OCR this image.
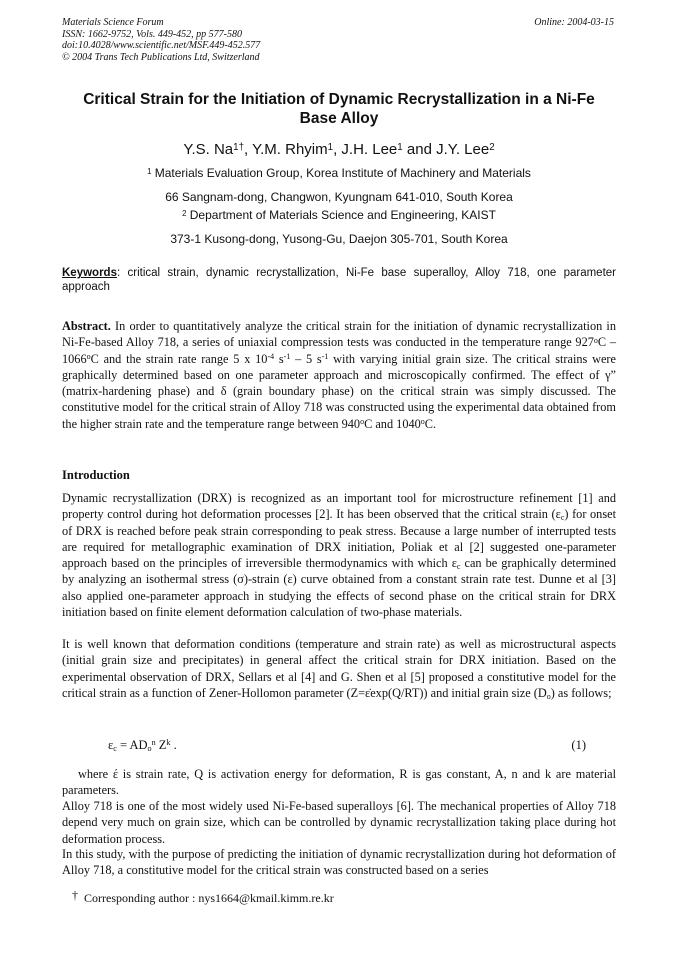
Materials Science Forum
ISSN: 1662-9752, Vols. 449-452, pp 577-580
doi:10.4028/www.scientific.net/MSF.449-452.577
© 2004 Trans Tech Publications Ltd, Switzerland
Online: 2004-03-15
Critical Strain for the Initiation of Dynamic Recrystallization in a Ni-Fe
Base Alloy
Y.S. $Na^{1\dagger}$, Y.M. Rhyim$^1$, J.H. Lee$^1$ and J.Y. Lee$^2$
$^1$ Materials Evaluation Group, Korea Institute of Machinery and Materials
66 Sangnam-dong, Changwon, Kyungnam 641-010, South Korea
$^2$ Department of Materials Science and Engineering, KAIST
373-1 Kusong-dong, Yusong-Gu, Daejon 305-701, South Korea
Keywords: critical strain, dynamic recrystallization, Ni-Fe base superalloy, Alloy 718, one parameter approach
Abstract. In order to quantitatively analyze the critical strain for the initiation of dynamic recrystallization in Ni-Fe-based Alloy 718, a series of uniaxial compression tests was conducted in the temperature range 927$^o$C – 1066$^o$C and the strain rate range 5 x $10^{-4}$ $s^{-1} - 5$ $s^{-1}$ with varying initial grain size. The critical strains were graphically determined based on one parameter approach and microscopically confirmed. The effect of γ” (matrix-hardening phase) and δ (grain boundary phase) on the critical strain was simply discussed. The constitutive model for the critical strain of Alloy 718 was constructed using the experimental data obtained from the higher strain rate and the temperature range between 940$^o$C and 1040$^o$C.
Introduction
Dynamic recrystallization (DRX) is recognized as an important tool for microstructure refinement [1] and property control during hot deformation processes [2]. It has been observed that the critical strain $(\varepsilon_c)$ for onset of DRX is reached before peak strain corresponding to peak stress. Because a large number of interrupted tests are required for metallographic examination of DRX initiation, Poliak et al [2] suggested one-parameter approach based on the principles of irreversible thermodynamics with which $\varepsilon_c$ can be graphically determined by analyzing an isothermal stress (σ)-strain (ε) curve obtained from a constant strain rate test. Dunne et al [3] also applied one-parameter approach in studying the effects of second phase on the critical strain for DRX initiation based on finite element deformation calculation of two-phase materials.
It is well known that deformation conditions (temperature and strain rate) as well as microstructural aspects (initial grain size and precipitates) in general affect the critical strain for DRX initiation. Based on the experimental observation of DRX, Sellars et al [4] and G. Shen et al [5] proposed a constitutive model for the critical strain as a function of Zener-Hollomon parameter (Z=ε̇exp(Q/RT)) and initial grain size $(D_o)$ as follows;
$\varepsilon_c = AD_o^n$ $Z^k$ .	(1)
where έ is strain rate, Q is activation energy for deformation, R is gas constant, A, n and k are material parameters.
Alloy 718 is one of the most widely used Ni-Fe-based superalloys [6]. The mechanical properties of Alloy 718 depend very much on grain size, which can be controlled by dynamic recrystallization taking place during hot deformation process.
In this study, with the purpose of predicting the initiation of dynamic recrystallization during hot deformation of Alloy 718, a constitutive model for the critical strain was constructed based on a series
† Corresponding author : nys1664@kmail.kimm.re.kr
